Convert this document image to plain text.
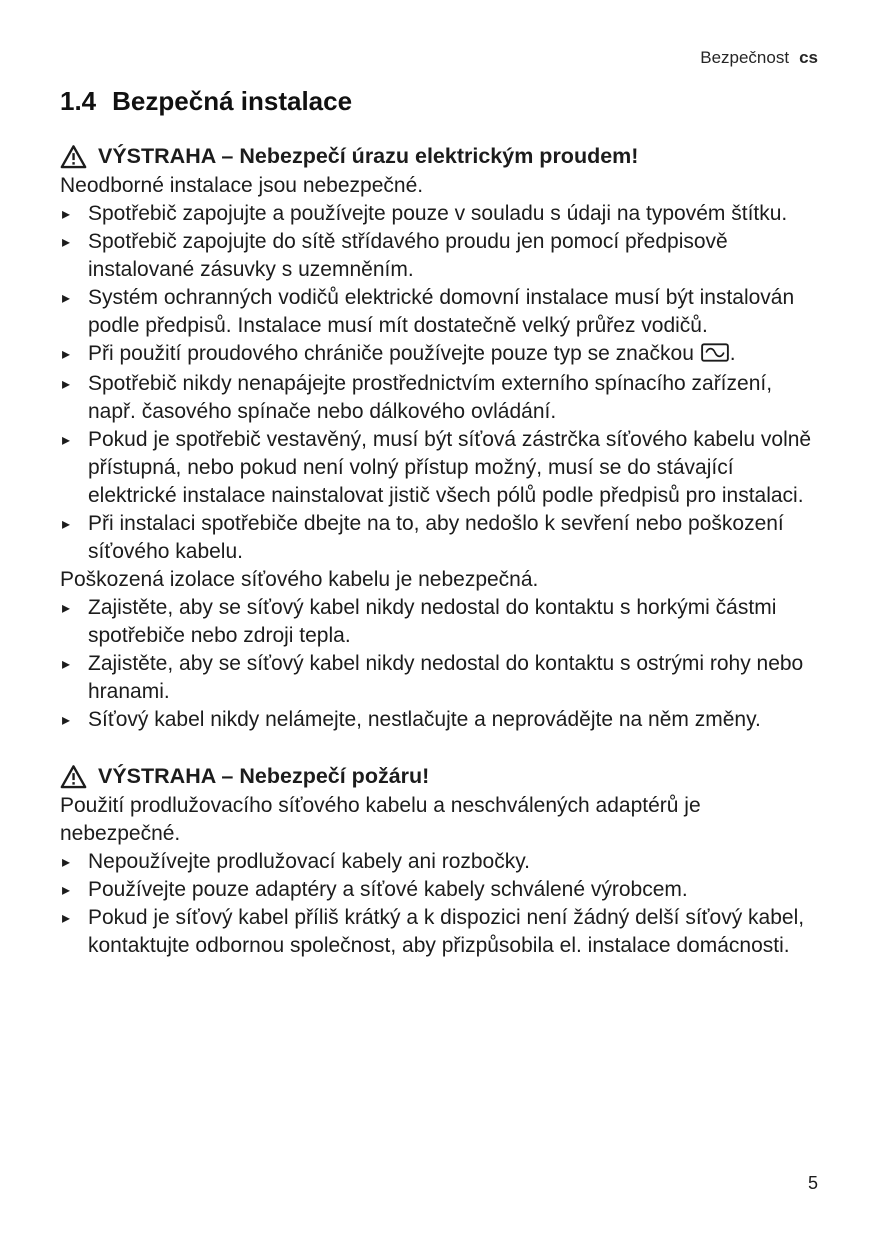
Bezpečnost cs
1.4 Bezpečná instalace
VÝSTRAHA – Nebezpečí úrazu elektrickým proudem!

Neodborné instalace jsou nebezpečné.

▸ Spotřebič zapojujte a používejte pouze v souladu s údaji na typovém štítku.
▸ Spotřebič zapojujte do sítě střídavého proudu jen pomocí předpisově instalované zásuvky s uzemněním.
▸ Systém ochranných vodičů elektrické domovní instalace musí být instalován podle předpisů. Instalace musí mít dostatečně velký průřez vodičů.
▸ Při použití proudového chrániče používejte pouze typ se značkou .
▸ Spotřebič nikdy nenapájejte prostřednictvím externího spínacího zařízení, např. časového spínače nebo dálkového ovládání.
▸ Pokud je spotřebič vestavěný, musí být síťová zástrčka síťového kabelu volně přístupná, nebo pokud není volný přístup možný, musí se do stávající elektrické instalace nainstalovat jistič všech pólů podle předpisů pro instalaci.
▸ Při instalaci spotřebiče dbejte na to, aby nedošlo k sevření nebo poškození síťového kabelu.

Poškozená izolace síťového kabelu je nebezpečná.

▸ Zajistěte, aby se síťový kabel nikdy nedostal do kontaktu s horkými částmi spotřebiče nebo zdroji tepla.
▸ Zajistěte, aby se síťový kabel nikdy nedostal do kontaktu s ostrými rohy nebo hranami.
▸ Síťový kabel nikdy nelámejte, nestlačujte a neprovádějte na něm změny.
VÝSTRAHA – Nebezpečí požáru!

Použití prodlužovacího síťového kabelu a neschválených adaptérů je nebezpečné.

▸ Nepoužívejte prodlužovací kabely ani rozbočky.
▸ Používejte pouze adaptéry a síťové kabely schválené výrobcem.
▸ Pokud je síťový kabel příliš krátký a k dispozici není žádný delší síťový kabel, kontaktujte odbornou společnost, aby přizpůsobila el. instalace domácnosti.
5
